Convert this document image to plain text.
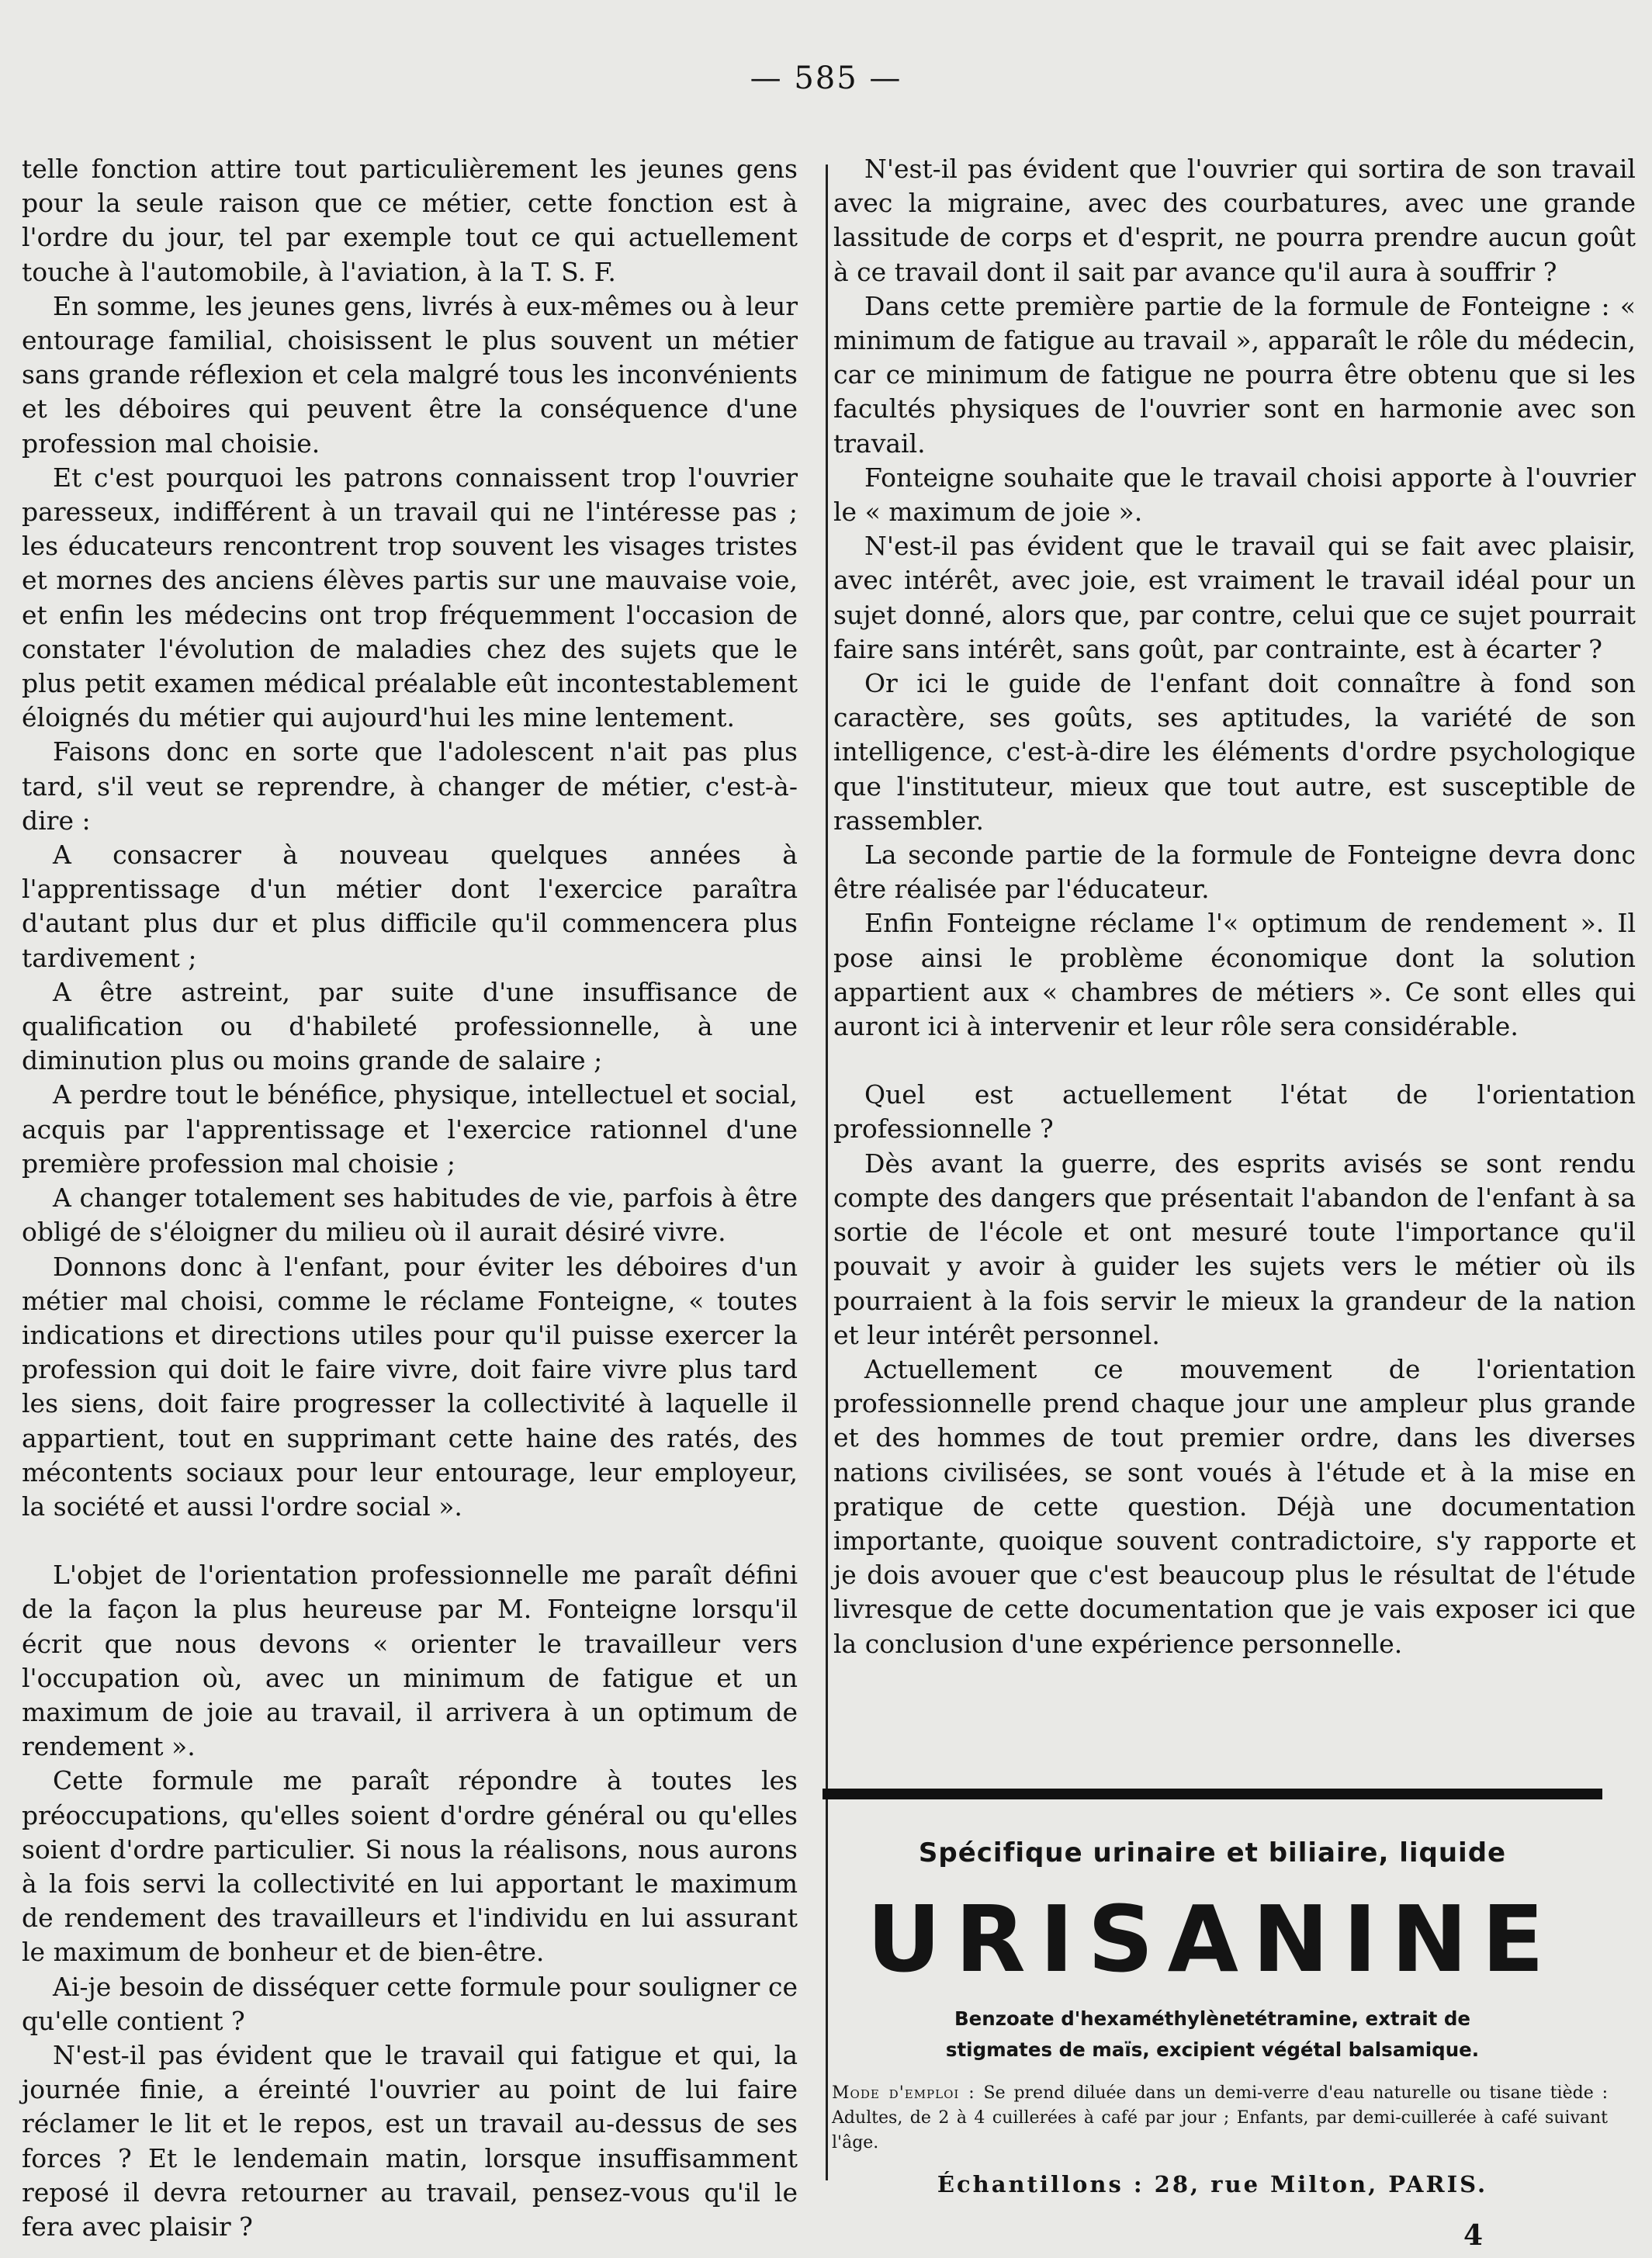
— 585 —

telle fonction attire tout particulièrement les jeunes gens pour la seule raison que ce métier, cette fonction est à l'ordre du jour, tel par exemple tout ce qui actuellement touche à l'automobile, à l'aviation, à la T. S. F.

En somme, les jeunes gens, livrés à eux-mêmes ou à leur entourage familial, choisissent le plus souvent un métier sans grande réflexion et cela malgré tous les inconvénients et les déboires qui peuvent être la conséquence d'une profession mal choisie.

Et c'est pourquoi les patrons connaissent trop l'ouvrier paresseux, indifférent à un travail qui ne l'intéresse pas ; les éducateurs rencontrent trop souvent les visages tristes et mornes des anciens élèves partis sur une mauvaise voie, et enfin les médecins ont trop fréquemment l'occasion de constater l'évolution de maladies chez des sujets que le plus petit examen médical préalable eût incontestablement éloignés du métier qui aujourd'hui les mine lentement.

Faisons donc en sorte que l'adolescent n'ait pas plus tard, s'il veut se reprendre, à changer de métier, c'est-à-dire :

A consacrer à nouveau quelques années à l'apprentissage d'un métier dont l'exercice paraîtra d'autant plus dur et plus difficile qu'il commencera plus tardivement ;

A être astreint, par suite d'une insuffisance de qualification ou d'habileté professionnelle, à une diminution plus ou moins grande de salaire ;

A perdre tout le bénéfice, physique, intellectuel et social, acquis par l'apprentissage et l'exercice rationnel d'une première profession mal choisie ;

A changer totalement ses habitudes de vie, parfois à être obligé de s'éloigner du milieu où il aurait désiré vivre.

Donnons donc à l'enfant, pour éviter les déboires d'un métier mal choisi, comme le réclame Fonteigne, « toutes indications et directions utiles pour qu'il puisse exercer la profession qui doit le faire vivre, doit faire vivre plus tard les siens, doit faire progresser la collectivité à laquelle il appartient, tout en supprimant cette haine des ratés, des mécontents sociaux pour leur entourage, leur employeur, la société et aussi l'ordre social ».

L'objet de l'orientation professionnelle me paraît défini de la façon la plus heureuse par M. Fonteigne lorsqu'il écrit que nous devons « orienter le travailleur vers l'occupation où, avec un minimum de fatigue et un maximum de joie au travail, il arrivera à un optimum de rendement ».

Cette formule me paraît répondre à toutes les préoccupations, qu'elles soient d'ordre général ou qu'elles soient d'ordre particulier. Si nous la réalisons, nous aurons à la fois servi la collectivité en lui apportant le maximum de rendement des travailleurs et l'individu en lui assurant le maximum de bonheur et de bien-être.

Ai-je besoin de disséquer cette formule pour souligner ce qu'elle contient ?

N'est-il pas évident que le travail qui fatigue et qui, la journée finie, a éreinté l'ouvrier au point de lui faire réclamer le lit et le repos, est un travail au-dessus de ses forces ? Et le lendemain matin, lorsque insuffisamment reposé il devra retourner au travail, pensez-vous qu'il le fera avec plaisir ?

N'est-il pas évident que l'ouvrier qui sortira de son travail avec la migraine, avec des courbatures, avec une grande lassitude de corps et d'esprit, ne pourra prendre aucun goût à ce travail dont il sait par avance qu'il aura à souffrir ?

Dans cette première partie de la formule de Fonteigne : « minimum de fatigue au travail », apparaît le rôle du médecin, car ce minimum de fatigue ne pourra être obtenu que si les facultés physiques de l'ouvrier sont en harmonie avec son travail.

Fonteigne souhaite que le travail choisi apporte à l'ouvrier le « maximum de joie ».

N'est-il pas évident que le travail qui se fait avec plaisir, avec intérêt, avec joie, est vraiment le travail idéal pour un sujet donné, alors que, par contre, celui que ce sujet pourrait faire sans intérêt, sans goût, par contrainte, est à écarter ?

Or ici le guide de l'enfant doit connaître à fond son caractère, ses goûts, ses aptitudes, la variété de son intelligence, c'est-à-dire les éléments d'ordre psychologique que l'instituteur, mieux que tout autre, est susceptible de rassembler.

La seconde partie de la formule de Fonteigne devra donc être réalisée par l'éducateur.

Enfin Fonteigne réclame l'« optimum de rendement ». Il pose ainsi le problème économique dont la solution appartient aux « chambres de métiers ». Ce sont elles qui auront ici à intervenir et leur rôle sera considérable.

Quel est actuellement l'état de l'orientation professionnelle ?

Dès avant la guerre, des esprits avisés se sont rendu compte des dangers que présentait l'abandon de l'enfant à sa sortie de l'école et ont mesuré toute l'importance qu'il pouvait y avoir à guider les sujets vers le métier où ils pourraient à la fois servir le mieux la grandeur de la nation et leur intérêt personnel.

Actuellement ce mouvement de l'orientation professionnelle prend chaque jour une ampleur plus grande et des hommes de tout premier ordre, dans les diverses nations civilisées, se sont voués à l'étude et à la mise en pratique de cette question. Déjà une documentation importante, quoique souvent contradictoire, s'y rapporte et je dois avouer que c'est beaucoup plus le résultat de l'étude livresque de cette documentation que je vais exposer ici que la conclusion d'une expérience personnelle.

Spécifique urinaire et biliaire, liquide
URISANINE
Benzoate d'hexaméthylènetétramine, extrait de
stigmates de maïs, excipient végétal balsamique.
Mode d'emploi : Se prend diluée dans un demi-verre d'eau naturelle ou tisane tiède : Adultes, de 2 à 4 cuillerées à café par jour ; Enfants, par demi-cuillerée à café suivant l'âge.
Échantillons : 28, rue Milton, PARIS.
4
